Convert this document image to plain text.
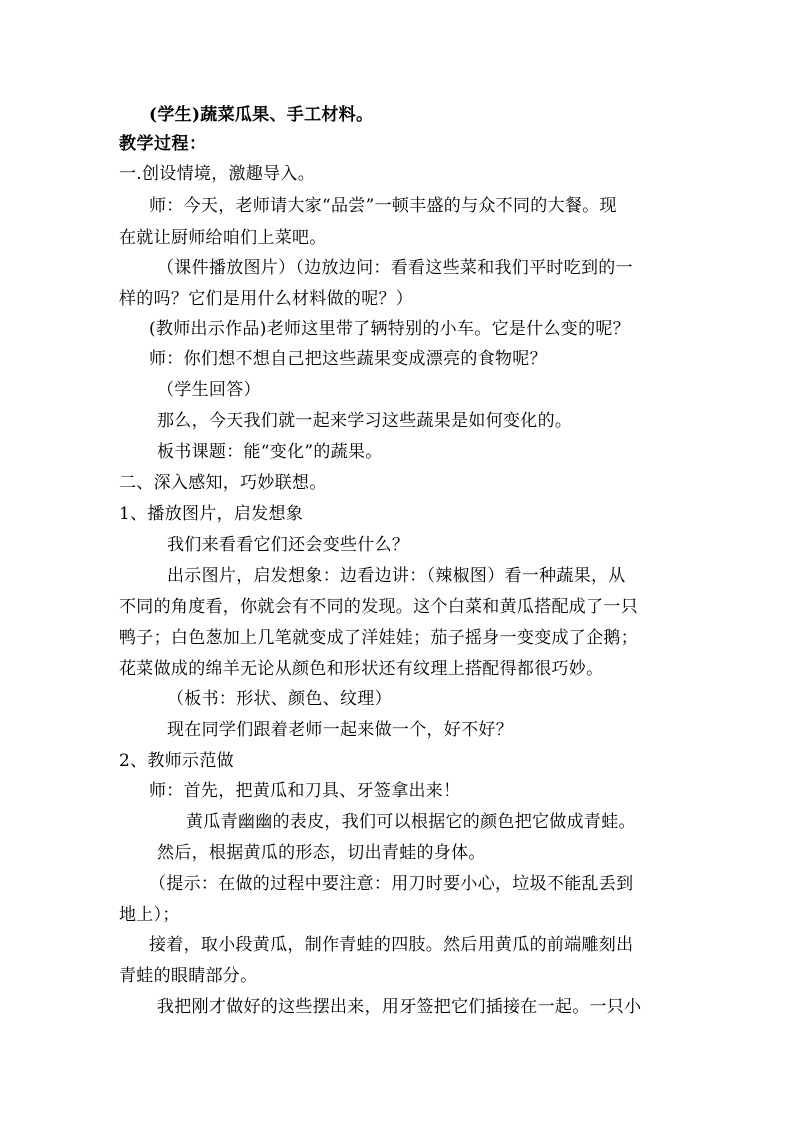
(学生)蔬菜瓜果、手工材料。
教学过程：
一.创设情境，激趣导入。
师：今天，老师请大家“品尝”一顿丰盛的与众不同的大餐。现
在就让厨师给咱们上菜吧。
（课件播放图片）（边放边问：看看这些菜和我们平时吃到的一
样的吗？它们是用什么材料做的呢？）
(教师出示作品)老师这里带了辆特别的小车。它是什么变的呢？
师：你们想不想自己把这些蔬果变成漂亮的食物呢？
（学生回答）
那么，今天我们就一起来学习这些蔬果是如何变化的。
板书课题：能“变化”的蔬果。
二、深入感知，巧妙联想。
1、播放图片，启发想象
我们来看看它们还会变些什么？
出示图片，启发想象：边看边讲：（辣椒图）看一种蔬果，从
不同的角度看，你就会有不同的发现。这个白菜和黄瓜搭配成了一只
鸭子；白色葱加上几笔就变成了洋娃娃；茄子摇身一变变成了企鹅；
花菜做成的绵羊无论从颜色和形状还有纹理上搭配得都很巧妙。
（板书：形状、颜色、纹理）
现在同学们跟着老师一起来做一个，好不好？
2、教师示范做
师：首先，把黄瓜和刀具、牙签拿出来！
黄瓜青幽幽的表皮，我们可以根据它的颜色把它做成青蛙。
然后，根据黄瓜的形态，切出青蛙的身体。
（提示：在做的过程中要注意：用刀时要小心，垃圾不能乱丢到
地上）；
接着，取小段黄瓜，制作青蛙的四肢。然后用黄瓜的前端雕刻出
青蛙的眼睛部分。
我把刚才做好的这些摆出来，用牙签把它们插接在一起。一只小
